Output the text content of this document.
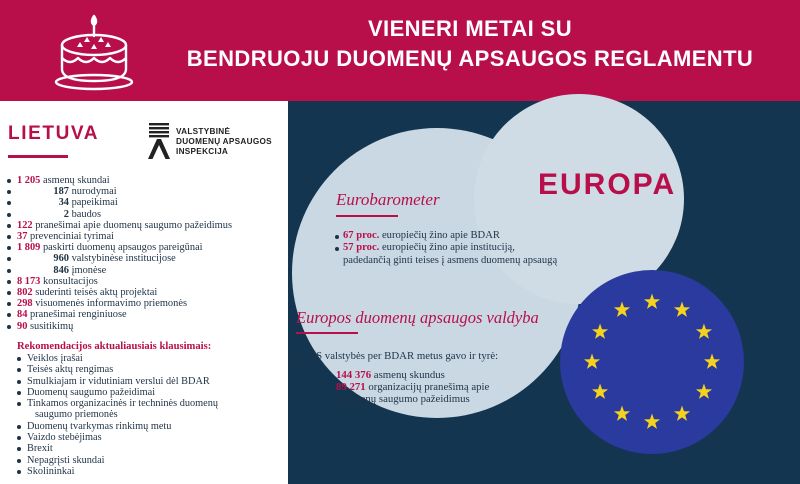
VIENERI METAI SU
BENDRUOJU DUOMENŲ APSAUGOS REGLAMENTU
LIETUVA	VALSTYBINĖ
DUOMENŲ APSAUGOS
INSPEKCIJA
1 205 asmenų skundai
187 nurodymai
34 papeikimai
2 baudos
122 pranešimai apie duomenų saugumo pažeidimus
37 prevenciniai tyrimai
1 809 paskirti duomenų apsaugos pareigūnai
960 valstybinėse institucijose
846 įmonėse
8 173 konsultacijos
802 suderinti teisės aktų projektai
298 visuomenės informavimo priemonės
84 pranešimai renginiuose
90 susitikimų
Rekomendacijos aktualiausiais klausimais:
Veiklos įrašai
Teisės aktų rengimas
Smulkiajam ir vidutiniam verslui dėl BDAR
Duomenų saugumo pažeidimai
Tinkamos organizacinės ir techninės duomenų
saugumo priemonės
Duomenų tvarkymas rinkimų metu
Vaizdo stebėjimas
Brexit
Nepagrįsti skundai
Skolininkai
EUROPA
Eurobarometer
67 proc. europiečių žino apie BDAR
57 proc. europiečių žino apie instituciją, padedančią ginti teises į asmens duomenų apsaugą
Europos duomenų apsaugos valdyba
27 ES valstybės per BDAR metus gavo ir tyrė:
144 376 asmenų skundus
89 271 organizacijų pranešimą apie
duomenų saugumo pažeidimus
